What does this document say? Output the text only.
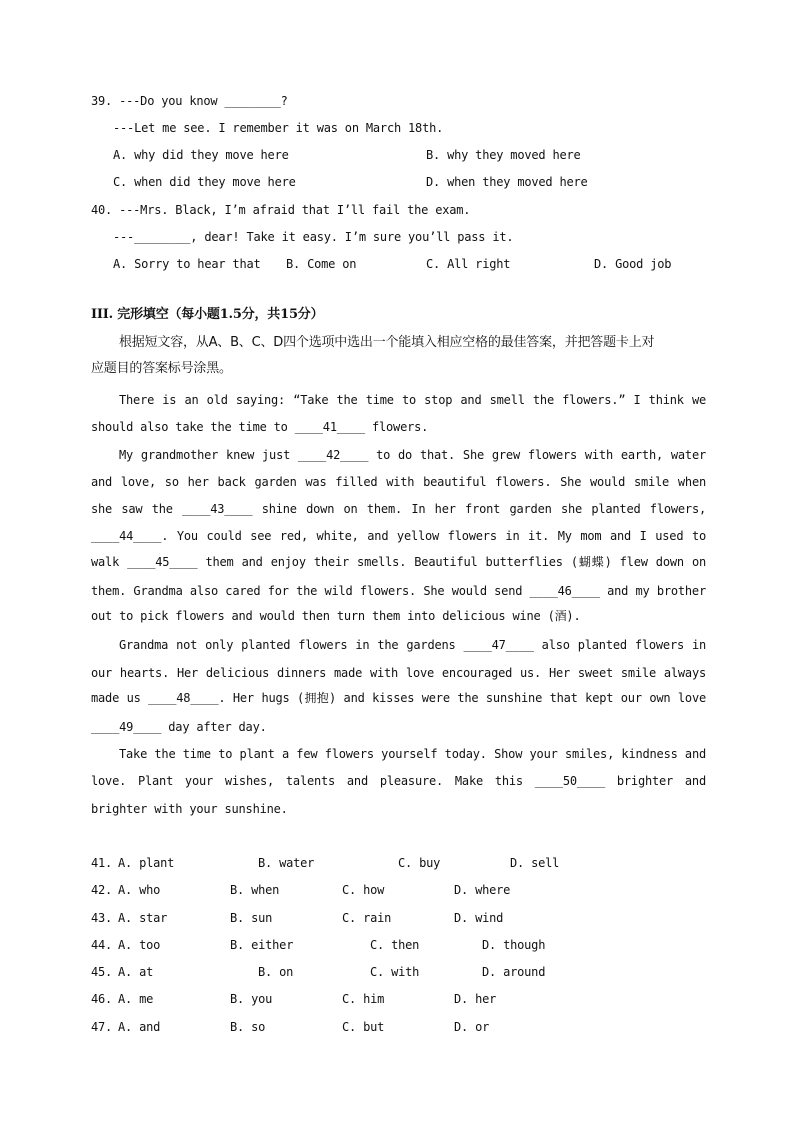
39. ---Do you know ________?
---Let me see. I remember it was on March 18th.
A. why did they move here	B. why they moved here
C. when did they move here	D. when they moved here
40. ---Mrs. Black, I’m afraid that I’ll fail the exam.
---________, dear! Take it easy. I’m sure you’ll pass it.
A. Sorry to hear that B. Come on	C. All right	D. Good job
III. 完形填空（每小题1.5分，共15分）
根据短文容，从A、B、C、D四个选项中选出一个能填入相应空格的最佳答案，并把答题卡上对
应题目的答案标号涂黑。
There is an old saying: “Take the time to stop and smell the flowers.” I think we
should also take the time to ____41____ flowers.
My grandmother knew just ____42____ to do that. She grew flowers with earth, water
and love, so her back garden was filled with beautiful flowers. She would smile when
she saw the ____43____ shine down on them. In her front garden she planted flowers,
____44____. You could see red, white, and yellow flowers in it. My mom and I used to
walk ____45____ them and enjoy their smells. Beautiful butterflies (蝴蝶) flew down on
them. Grandma also cared for the wild flowers. She would send ____46____ and my brother
out to pick flowers and would then turn them into delicious wine (酒).
Grandma not only planted flowers in the gardens ____47____ also planted flowers in
our hearts. Her delicious dinners made with love encouraged us. Her sweet smile always
made us ____48____. Her hugs (拥抱) and kisses were the sunshine that kept our own love
____49____ day after day.
Take the time to plant a few flowers yourself today. Show your smiles, kindness and
love. Plant your wishes, talents and pleasure. Make this ____50____ brighter and
brighter with your sunshine.
41. A. plant	B. water	C. buy	D. sell
42. A. who	B. when	C. how	D. where
43. A. star	B. sun	C. rain	D. wind
44. A. too	B. either	C. then	D. though
45. A. at	B. on	C. with	D. around
46. A. me	B. you	C. him	D. her
47. A. and	B. so	C. but	D. or
